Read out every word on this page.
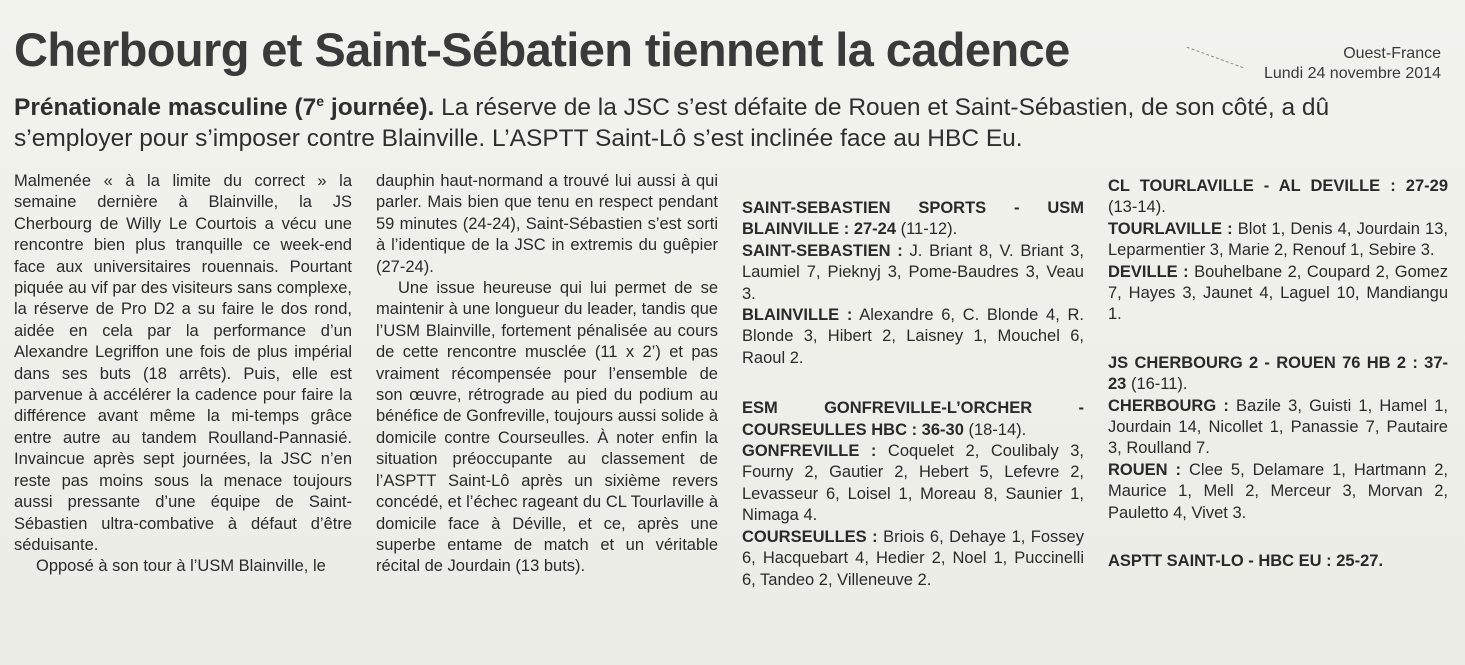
Cherbourg et Saint-Sébatien tiennent la cadence	Ouest-France
Lundi 24 novembre 2014
Prénationale masculine (7e journée). La réserve de la JSC s’est défaite de Rouen et Saint-Sébastien, de son côté, a dû s’employer pour s’imposer contre Blainville. L’ASPTT Saint-Lô s’est inclinée face au HBC Eu.

Malmenée « à la limite du correct » la semaine dernière à Blainville, la JS Cherbourg de Willy Le Courtois a vécu une rencontre bien plus tranquille ce week-end face aux universitaires rouennais. Pourtant piquée au vif par des visiteurs sans complexe, la réserve de Pro D2 a su faire le dos rond, aidée en cela par la performance d’un Alexandre Legriffon une fois de plus impérial dans ses buts (18 arrêts). Puis, elle est parvenue à accélérer la cadence pour faire la différence avant même la mi-temps grâce entre autre au tandem Roulland-Pannasié. Invaincue après sept journées, la JSC n’en reste pas moins sous la menace toujours aussi pressante d’une équipe de Saint-Sébastien ultra-combative à défaut d’être séduisante.

Opposé à son tour à l’USM Blainville, le

dauphin haut-normand a trouvé lui aussi à qui parler. Mais bien que tenu en respect pendant 59 minutes (24-24), Saint-Sébastien s’est sorti à l’identique de la JSC in extremis du guêpier (27-24).

Une issue heureuse qui lui permet de se maintenir à une longueur du leader, tandis que l’USM Blainville, fortement pénalisée au cours de cette rencontre musclée (11 x 2’) et pas vraiment récompensée pour l’ensemble de son œuvre, rétrograde au pied du podium au bénéfice de Gonfreville, toujours aussi solide à domicile contre Courseulles. À noter enfin la situation préoccupante au classement de l’ASPTT Saint-Lô après un sixième revers concédé, et l’échec rageant du CL Tourlaville à domicile face à Déville, et ce, après une superbe entame de match et un véritable récital de Jourdain (13 buts).

SAINT-SEBASTIEN SPORTS - USM BLAINVILLE : 27-24 (11-12).

SAINT-SEBASTIEN : J. Briant 8, V. Briant 3, Laumiel 7, Pieknyj 3, Pome-Baudres 3, Veau 3.

BLAINVILLE : Alexandre 6, C. Blonde 4, R. Blonde 3, Hibert 2, Laisney 1, Mouchel 6, Raoul 2.

ESM GONFREVILLE-L’ORCHER - COURSEULLES HBC : 36-30 (18-14).

GONFREVILLE : Coquelet 2, Coulibaly 3, Fourny 2, Gautier 2, Hebert 5, Lefevre 2, Levasseur 6, Loisel 1, Moreau 8, Saunier 1, Nimaga 4.

COURSEULLES : Briois 6, Dehaye 1, Fossey 6, Hacquebart 4, Hedier 2, Noel 1, Puccinelli 6, Tandeo 2, Villeneuve 2.

CL TOURLAVILLE - AL DEVILLE : 27-29 (13-14).

TOURLAVILLE : Blot 1, Denis 4, Jourdain 13, Leparmentier 3, Marie 2, Renouf 1, Sebire 3.

DEVILLE : Bouhelbane 2, Coupard 2, Gomez 7, Hayes 3, Jaunet 4, Laguel 10, Mandiangu 1.

JS CHERBOURG 2 - ROUEN 76 HB 2 : 37-23 (16-11).

CHERBOURG : Bazile 3, Guisti 1, Hamel 1, Jourdain 14, Nicollet 1, Panassie 7, Pautaire 3, Roulland 7.

ROUEN : Clee 5, Delamare 1, Hartmann 2, Maurice 1, Mell 2, Merceur 3, Morvan 2, Pauletto 4, Vivet 3.

ASPTT SAINT-LO - HBC EU : 25-27.
